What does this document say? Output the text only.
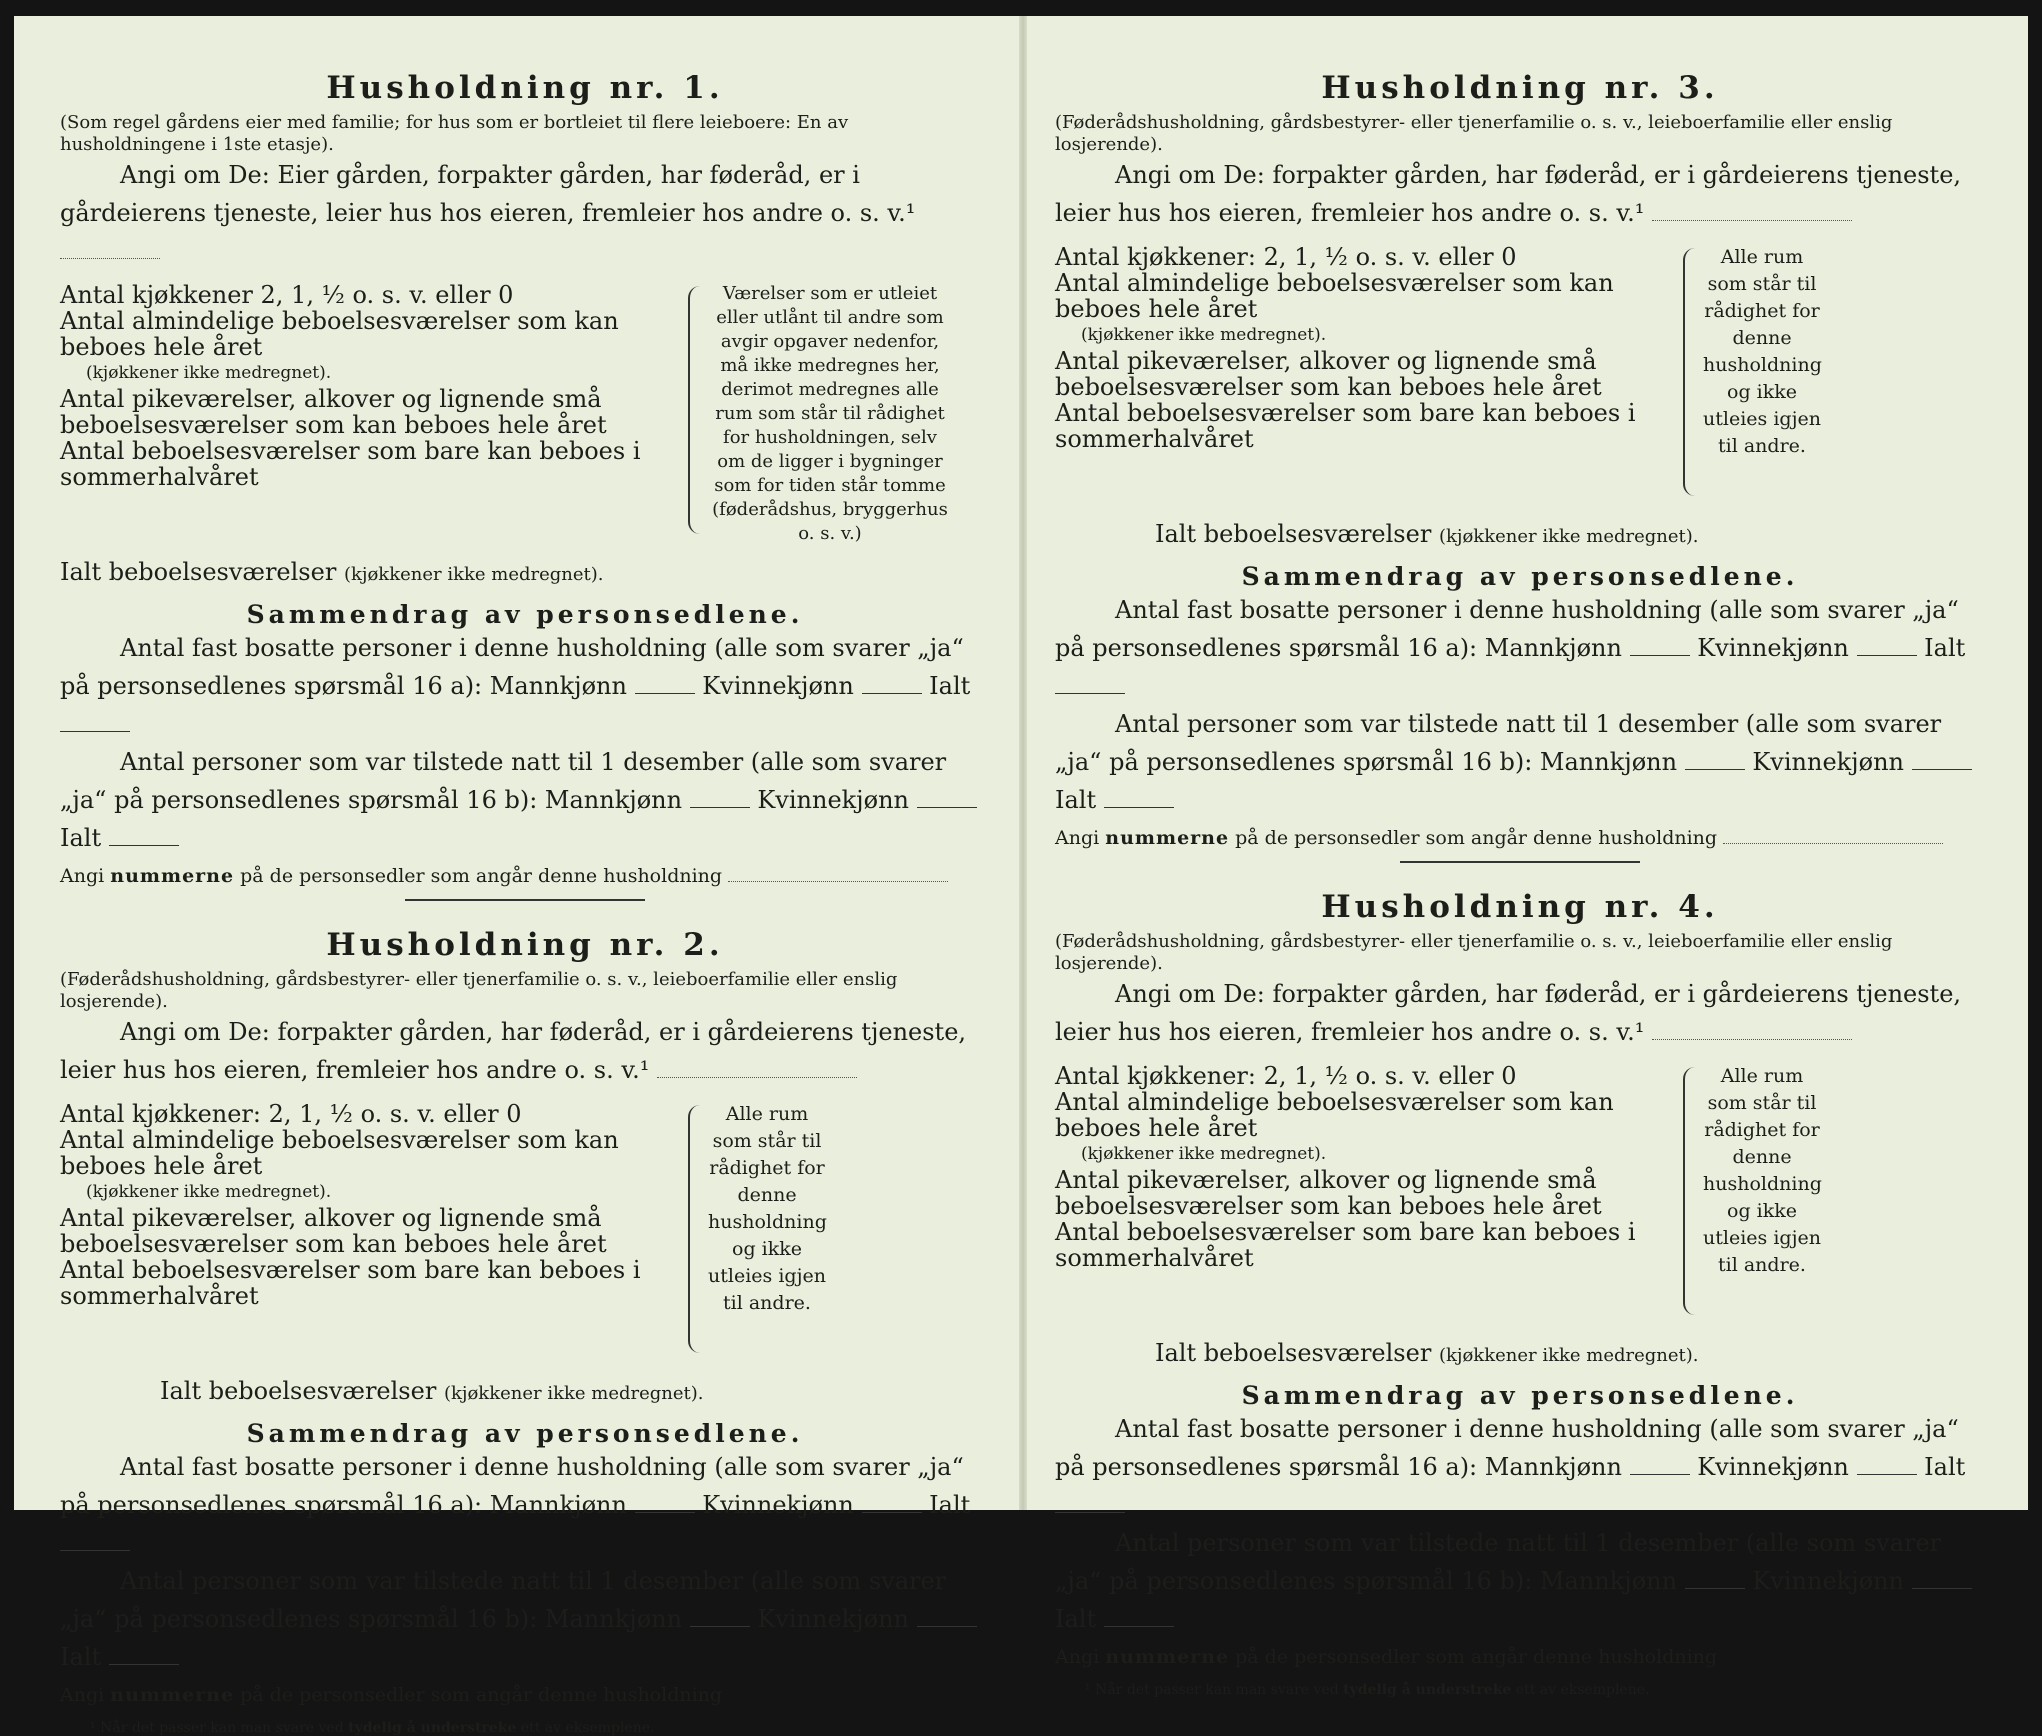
Husholdning nr. 1.
(Som regel gårdens eier med familie; for hus som er bortleiet til flere leieboere: En av husholdningene i 1ste etasje).
Angi om De: Eier gården, forpakter gården, har føderåd, er i gårdeierens tjeneste, leier hus hos eieren, fremleier hos andre o. s. v.¹
Antal kjøkkener 2, 1, ½ o. s. v. eller 0
Antal almindelige beboelsesværelser som kan beboes hele året
(kjøkkener ikke medregnet).
Antal pikeværelser, alkover og lignende små beboelsesværelser som kan beboes hele året
Antal beboelsesværelser som bare kan beboes i sommerhalvåret
Værelser som er utleiet eller utlånt til andre som avgir opgaver nedenfor, må ikke medregnes her, derimot medregnes alle rum som står til rådighet for husholdningen, selv om de ligger i bygninger som for tiden står tomme (føderådshus, bryggerhus o. s. v.)
Ialt beboelsesværelser (kjøkkener ikke medregnet).
Sammendrag av personsedlene.
Antal fast bosatte personer i denne husholdning (alle som svarer „ja“ på personsedlenes spørsmål 16 a): Mannkjønn	Kvinnekjønn	Ialt
Antal personer som var tilstede natt til 1 desember (alle som svarer „ja“ på personsedlenes spørsmål 16 b): Mannkjønn	Kvinnekjønn  Ialt
Angi nummerne på de personsedler som angår denne husholdning
Husholdning nr. 2.
(Føderådshusholdning, gårdsbestyrer- eller tjenerfamilie o. s. v., leieboerfamilie eller enslig losjerende).
Angi om De: forpakter gården, har føderåd, er i gårdeierens tjeneste, leier hus hos eieren, fremleier hos andre o. s. v.¹
Antal kjøkkener: 2, 1, ½ o. s. v. eller 0
Antal almindelige beboelsesværelser som kan beboes hele året
(kjøkkener ikke medregnet).
Antal pikeværelser, alkover og lignende små beboelsesværelser som kan beboes hele året
Antal beboelsesværelser som bare kan beboes i sommerhalvåret
Alle rum som står til rådighet for denne husholdning og ikke utleies igjen til andre.
Ialt beboelsesværelser (kjøkkener ikke medregnet).
Sammendrag av personsedlene.
Antal fast bosatte personer i denne husholdning (alle som svarer „ja“ på personsedlenes spørsmål 16 a): Mannkjønn	Kvinnekjønn	Ialt
Antal personer som var tilstede natt til 1 desember (alle som svarer „ja“ på personsedlenes spørsmål 16 b): Mannkjønn	Kvinnekjønn  Ialt
Angi nummerne på de personsedler som angår denne husholdning
¹ Når det passer kan man svare ved tydelig å understreke ett av eksemplene.
Husholdning nr. 3.
(Føderådshusholdning, gårdsbestyrer- eller tjenerfamilie o. s. v., leieboerfamilie eller enslig losjerende).
Angi om De: forpakter gården, har føderåd, er i gårdeierens tjeneste, leier hus hos eieren, fremleier hos andre o. s. v.¹
Antal kjøkkener: 2, 1, ½ o. s. v. eller 0
Antal almindelige beboelsesværelser som kan beboes hele året
(kjøkkener ikke medregnet).
Antal pikeværelser, alkover og lignende små beboelsesværelser som kan beboes hele året
Antal beboelsesværelser som bare kan beboes i sommerhalvåret
Alle rum som står til rådighet for denne husholdning og ikke utleies igjen til andre.
Ialt beboelsesværelser (kjøkkener ikke medregnet).
Sammendrag av personsedlene.
Antal fast bosatte personer i denne husholdning (alle som svarer „ja“ på personsedlenes spørsmål 16 a): Mannkjønn	Kvinnekjønn	Ialt
Antal personer som var tilstede natt til 1 desember (alle som svarer „ja“ på personsedlenes spørsmål 16 b): Mannkjønn	Kvinnekjønn  Ialt
Angi nummerne på de personsedler som angår denne husholdning
Husholdning nr. 4.
(Føderådshusholdning, gårdsbestyrer- eller tjenerfamilie o. s. v., leieboerfamilie eller enslig losjerende).
Angi om De: forpakter gården, har føderåd, er i gårdeierens tjeneste, leier hus hos eieren, fremleier hos andre o. s. v.¹
Antal kjøkkener: 2, 1, ½ o. s. v. eller 0
Antal almindelige beboelsesværelser som kan beboes hele året
(kjøkkener ikke medregnet).
Antal pikeværelser, alkover og lignende små beboelsesværelser som kan beboes hele året
Antal beboelsesværelser som bare kan beboes i sommerhalvåret
Alle rum som står til rådighet for denne husholdning og ikke utleies igjen til andre.
Ialt beboelsesværelser (kjøkkener ikke medregnet).
Sammendrag av personsedlene.
Antal fast bosatte personer i denne husholdning (alle som svarer „ja“ på personsedlenes spørsmål 16 a): Mannkjønn	Kvinnekjønn	Ialt
Antal personer som var tilstede natt til 1 desember (alle som svarer „ja“ på personsedlenes spørsmål 16 b): Mannkjønn	Kvinnekjønn  Ialt
Angi nummerne på de personsedler som angår denne husholdning
¹ Når det passer kan man svare ved tydelig å understreke ett av eksemplene.
